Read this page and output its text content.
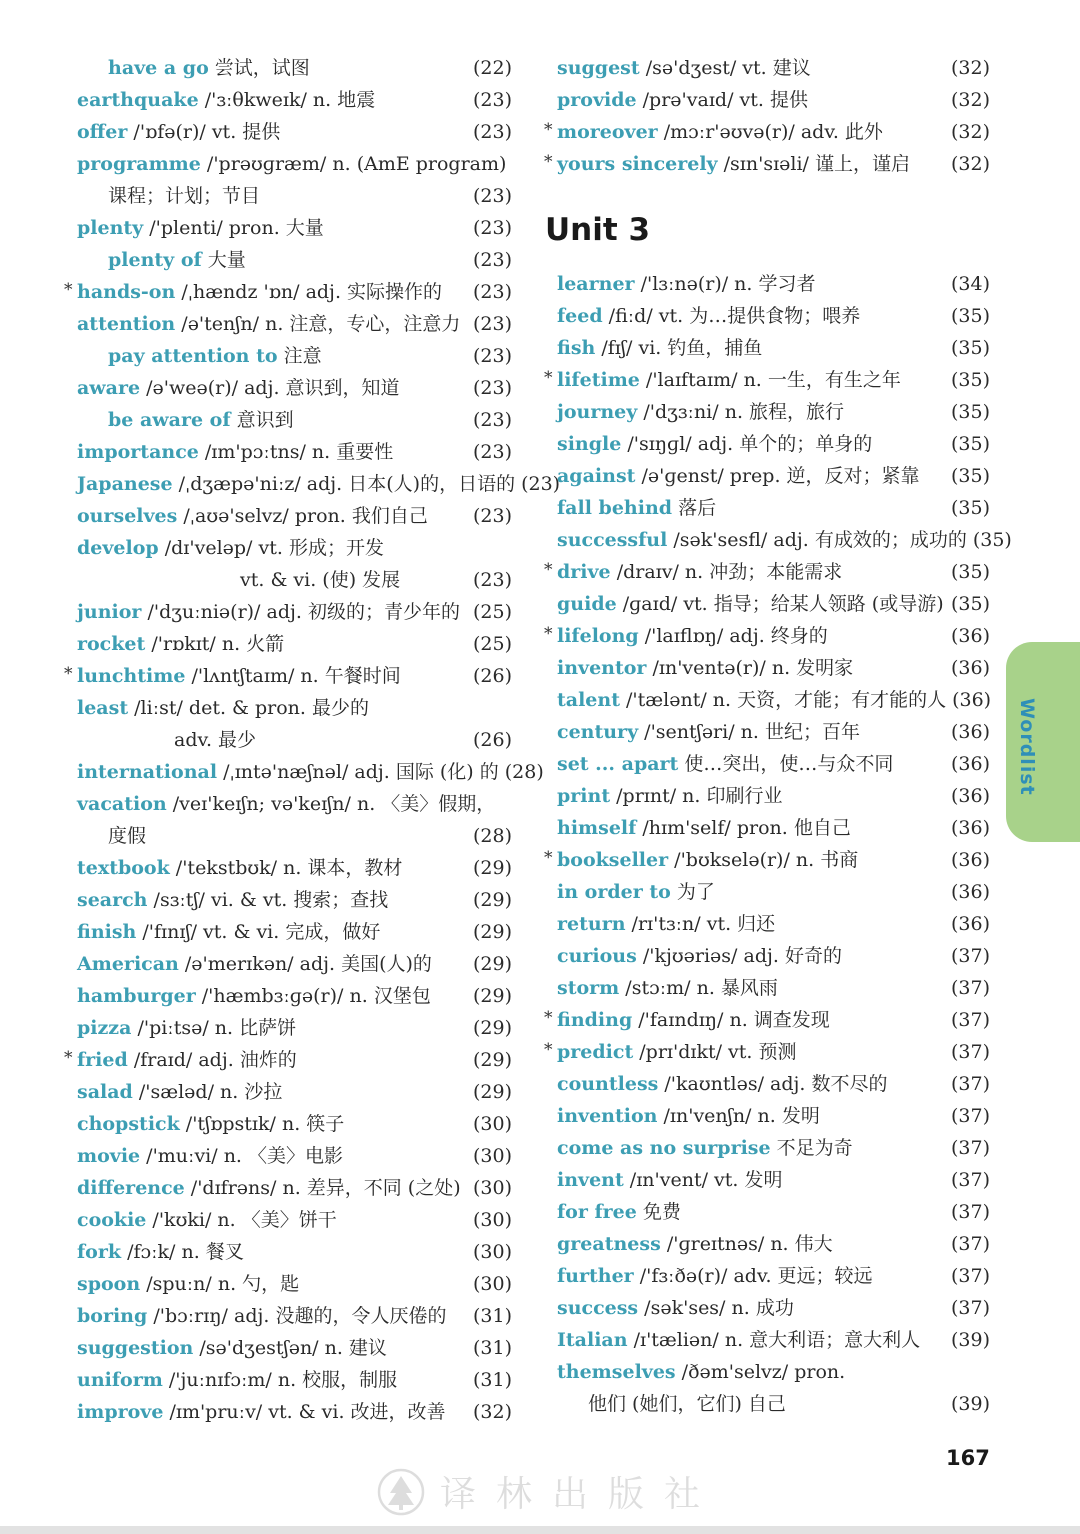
have a go 尝试，试图	(22)
earthquake /'ɜːθkweɪk/ n. 地震	(23)
offer /'ɒfə(r)/ vt. 提供	(23)
programme /'prəʊɡræm/ n. (AmE program)
课程；计划；节目	(23)
plenty /'plenti/ pron. 大量	(23)
plenty of 大量	(23)
* hands-on /ˌhændz 'ɒn/ adj. 实际操作的	(23)
attention /ə'tenʃn/ n. 注意，专心，注意力 (23)
pay attention to 注意	(23)
aware /ə'weə(r)/ adj. 意识到，知道	(23)
be aware of 意识到	(23)
importance /ɪm'pɔːtns/ n. 重要性	(23)
Japanese /ˌdʒæpə'niːz/ adj. 日本(人)的，日语的 (23)
ourselves /ˌaʊə'selvz/ pron. 我们自己	(23)
develop /dɪ'veləp/ vt. 形成；开发
vt. & vi. (使) 发展	(23)
junior /'dʒuːniə(r)/ adj. 初级的；青少年的 (25)
rocket /'rɒkɪt/ n. 火箭	(25)
* lunchtime /'lʌntʃtaɪm/ n. 午餐时间	(26)
least /liːst/ det. & pron. 最少的
adv. 最少	(26)
international /ˌɪntə'næʃnəl/ adj. 国际 (化) 的 (28)
vacation /veɪ'keɪʃn; və'keɪʃn/ n. 〈美〉假期，
度假	(28)
textbook /'tekstbʊk/ n. 课本，教材	(29)
search /sɜːtʃ/ vi. & vt. 搜索；查找	(29)
finish /'fɪnɪʃ/ vt. & vi. 完成，做好	(29)
American /ə'merɪkən/ adj. 美国(人)的	(29)
hamburger /'hæmbɜːɡə(r)/ n. 汉堡包	(29)
pizza /'piːtsə/ n. 比萨饼	(29)
* fried /fraɪd/ adj. 油炸的	(29)
salad /'sæləd/ n. 沙拉	(29)
chopstick /'tʃɒpstɪk/ n. 筷子	(30)
movie /'muːvi/ n. 〈美〉电影	(30)
difference /'dɪfrəns/ n. 差异，不同 (之处) (30)
cookie /'kʊki/ n. 〈美〉饼干	(30)
fork /fɔːk/ n. 餐叉	(30)
spoon /spuːn/ n. 勺，匙	(30)
boring /'bɔːrɪŋ/ adj. 没趣的，令人厌倦的	(31)
suggestion /sə'dʒestʃən/ n. 建议	(31)
uniform /'juːnɪfɔːm/ n. 校服，制服	(31)
improve /ɪm'pruːv/ vt. & vi. 改进，改善	(32)
suggest /sə'dʒest/ vt. 建议	(32)
provide /prə'vaɪd/ vt. 提供	(32)
* moreover /mɔːr'əʊvə(r)/ adv. 此外	(32)
* yours sincerely /sɪn'sɪəli/ 谨上，谨启	(32)
Unit 3
learner /'lɜːnə(r)/ n. 学习者	(34)
feed /fiːd/ vt. 为…提供食物；喂养	(35)
fish /fɪʃ/ vi. 钓鱼，捕鱼	(35)
* lifetime /'laɪftaɪm/ n. 一生，有生之年	(35)
journey /'dʒɜːni/ n. 旅程，旅行	(35)
single /'sɪŋɡl/ adj. 单个的；单身的	(35)
against /ə'ɡenst/ prep. 逆，反对；紧靠	(35)
fall behind 落后	(35)
successful /sək'sesfl/ adj. 有成效的；成功的 (35)
* drive /draɪv/ n. 冲劲；本能需求	(35)
guide /ɡaɪd/ vt. 指导；给某人领路 (或导游) (35)
* lifelong /'laɪflɒŋ/ adj. 终身的	(36)
inventor /ɪn'ventə(r)/ n. 发明家	(36)
talent /'tælənt/ n. 天资，才能；有才能的人 (36)
century /'sentʃəri/ n. 世纪；百年	(36)
set ... apart 使…突出，使…与众不同	(36)
print /prɪnt/ n. 印刷行业	(36)
himself /hɪm'self/ pron. 他自己	(36)
* bookseller /'bʊkselə(r)/ n. 书商	(36)
in order to 为了	(36)
return /rɪ'tɜːn/ vt. 归还	(36)
curious /'kjʊəriəs/ adj. 好奇的	(37)
storm /stɔːm/ n. 暴风雨	(37)
* finding /'faɪndɪŋ/ n. 调查发现	(37)
* predict /prɪ'dɪkt/ vt. 预测	(37)
countless /'kaʊntləs/ adj. 数不尽的	(37)
invention /ɪn'venʃn/ n. 发明	(37)
come as no surprise 不足为奇	(37)
invent /ɪn'vent/ vt. 发明	(37)
for free 免费	(37)
greatness /'ɡreɪtnəs/ n. 伟大	(37)
further /'fɜːðə(r)/ adv. 更远；较远	(37)
success /sək'ses/ n. 成功	(37)
Italian /ɪ'tæliən/ n. 意大利语；意大利人	(39)
themselves /ðəm'selvz/ pron.
他们 (她们，它们) 自己	(39)
Wordlist
167
译林出版社
